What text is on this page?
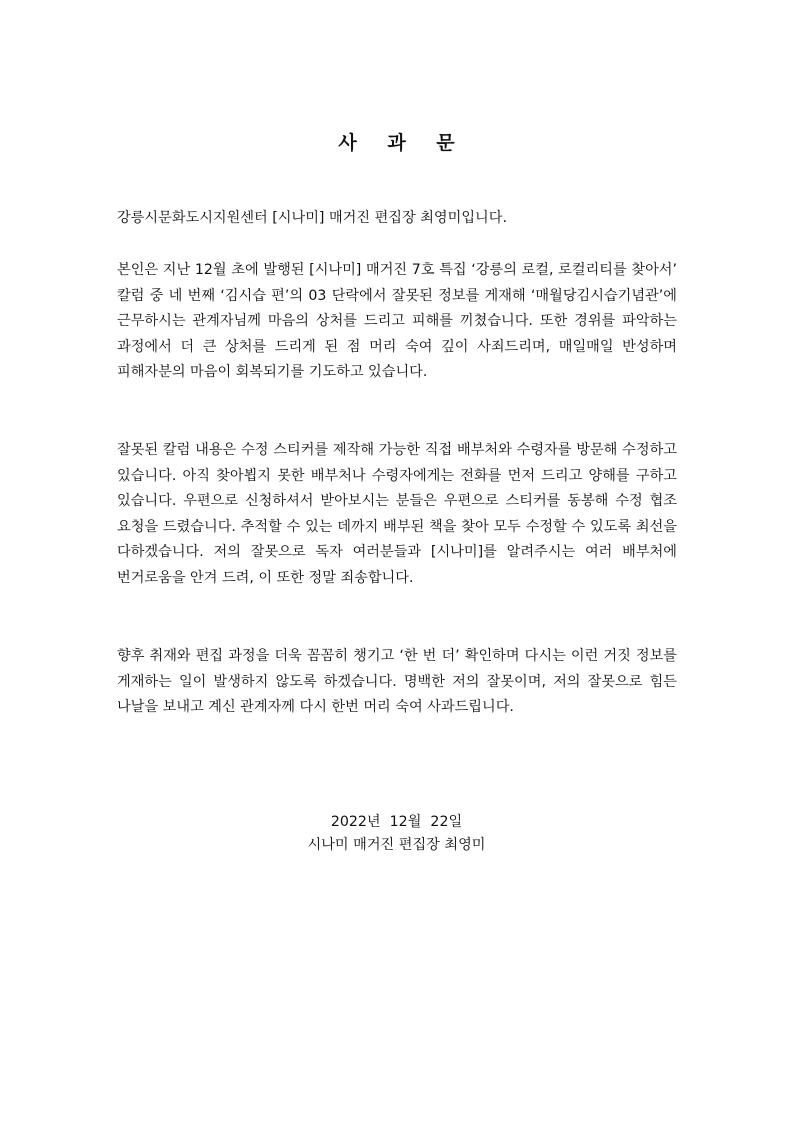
사 과 문

강릉시문화도시지원센터 [시나미] 매거진 편집장 최영미입니다.

본인은 지난 12월 초에 발행된 [시나미] 매거진 7호 특집 ‘강릉의 로컬, 로컬리티를 찾아서’ 칼럼 중 네 번째 ‘김시습 편’의 03 단락에서 잘못된 정보를 게재해 ‘매월당김시습기념관’에 근무하시는 관계자님께 마음의 상처를 드리고 피해를 끼쳤습니다. 또한 경위를 파악하는 과정에서 더 큰 상처를 드리게 된 점 머리 숙여 깊이 사죄드리며, 매일매일 반성하며 피해자분의 마음이 회복되기를 기도하고 있습니다.

잘못된 칼럼 내용은 수정 스티커를 제작해 가능한 직접 배부처와 수령자를 방문해 수정하고 있습니다. 아직 찾아뵙지 못한 배부처나 수령자에게는 전화를 먼저 드리고 양해를 구하고 있습니다. 우편으로 신청하셔서 받아보시는 분들은 우편으로 스티커를 동봉해 수정 협조 요청을 드렸습니다. 추적할 수 있는 데까지 배부된 책을 찾아 모두 수정할 수 있도록 최선을 다하겠습니다. 저의 잘못으로 독자 여러분들과 [시나미]를 알려주시는 여러 배부처에 번거로움을 안겨 드려, 이 또한 정말 죄송합니다.

향후 취재와 편집 과정을 더욱 꼼꼼히 챙기고 ‘한 번 더’ 확인하며 다시는 이런 거짓 정보를 게재하는 일이 발생하지 않도록 하겠습니다. 명백한 저의 잘못이며, 저의 잘못으로 힘든 나날을 보내고 계신 관계자께 다시 한번 머리 숙여 사과드립니다.

2022년  12월  22일
시나미 매거진 편집장 최영미
